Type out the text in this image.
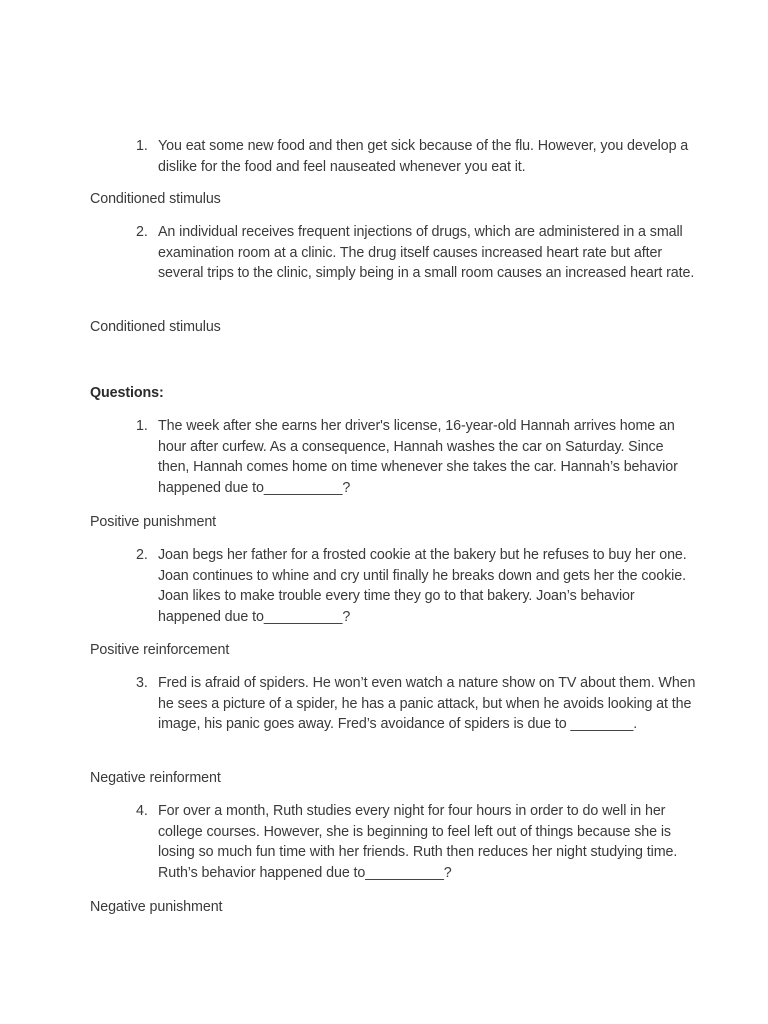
1. You eat some new food and then get sick because of the flu. However, you develop a dislike for the food and feel nauseated whenever you eat it.
Conditioned stimulus
2. An individual receives frequent injections of drugs, which are administered in a small examination room at a clinic. The drug itself causes increased heart rate but after several trips to the clinic, simply being in a small room causes an increased heart rate.
Conditioned stimulus
Questions:
1. The week after she earns her driver's license, 16-year-old Hannah arrives home an hour after curfew. As a consequence, Hannah washes the car on Saturday. Since then, Hannah comes home on time whenever she takes the car. Hannah’s behavior happened due to__________?
Positive punishment
2. Joan begs her father for a frosted cookie at the bakery but he refuses to buy her one. Joan continues to whine and cry until finally he breaks down and gets her the cookie. Joan likes to make trouble every time they go to that bakery. Joan’s behavior happened due to__________?
Positive reinforcement
3. Fred is afraid of spiders. He won’t even watch a nature show on TV about them. When he sees a picture of a spider, he has a panic attack, but when he avoids looking at the image, his panic goes away. Fred’s avoidance of spiders is due to ________.
Negative reinforment
4. For over a month, Ruth studies every night for four hours in order to do well in her college courses. However, she is beginning to feel left out of things because she is losing so much fun time with her friends. Ruth then reduces her night studying time. Ruth’s behavior happened due to__________?
Negative punishment
